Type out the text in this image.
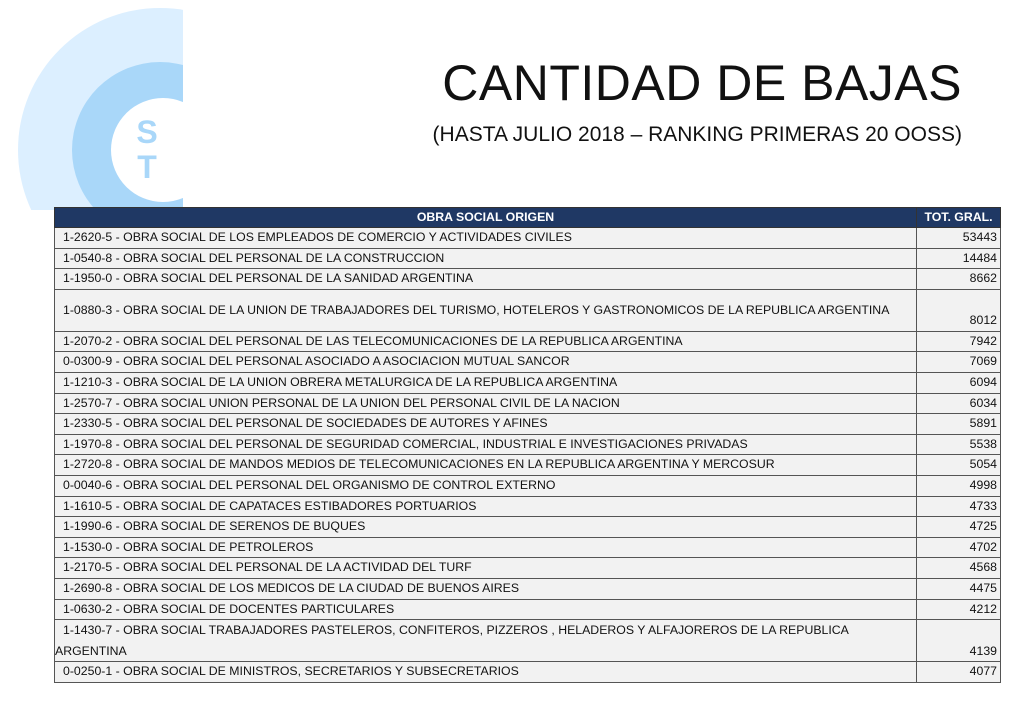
S
T
CANTIDAD DE BAJAS
(HASTA JULIO 2018 – RANKING PRIMERAS 20 OOSS)
OBRA SOCIAL ORIGEN	TOT. GRAL.
1-2620-5 - OBRA SOCIAL DE LOS EMPLEADOS DE COMERCIO Y ACTIVIDADES CIVILES	53443
1-0540-8 - OBRA SOCIAL DEL PERSONAL DE LA CONSTRUCCION	14484
1-1950-0 - OBRA SOCIAL DEL PERSONAL DE LA SANIDAD ARGENTINA	8662
1-0880-3 - OBRA SOCIAL DE LA UNION DE TRABAJADORES DEL TURISMO, HOTELEROS Y GASTRONOMICOS DE LA REPUBLICA ARGENTINA	8012
1-2070-2 - OBRA SOCIAL DEL PERSONAL DE LAS TELECOMUNICACIONES DE LA REPUBLICA ARGENTINA	7942
0-0300-9 - OBRA SOCIAL DEL PERSONAL ASOCIADO A ASOCIACION MUTUAL SANCOR	7069
1-1210-3 - OBRA SOCIAL DE LA UNION OBRERA METALURGICA DE LA REPUBLICA ARGENTINA	6094
1-2570-7 - OBRA SOCIAL UNION PERSONAL DE LA UNION DEL PERSONAL CIVIL DE LA NACION	6034
1-2330-5 - OBRA SOCIAL DEL PERSONAL DE SOCIEDADES DE AUTORES Y AFINES	5891
1-1970-8 - OBRA SOCIAL DEL PERSONAL DE SEGURIDAD COMERCIAL, INDUSTRIAL E INVESTIGACIONES PRIVADAS	5538
1-2720-8 - OBRA SOCIAL DE MANDOS MEDIOS DE TELECOMUNICACIONES EN LA REPUBLICA ARGENTINA Y MERCOSUR	5054
0-0040-6 - OBRA SOCIAL DEL PERSONAL DEL ORGANISMO DE CONTROL EXTERNO	4998
1-1610-5 - OBRA SOCIAL DE CAPATACES ESTIBADORES PORTUARIOS	4733
1-1990-6 - OBRA SOCIAL DE SERENOS DE BUQUES	4725
1-1530-0 - OBRA SOCIAL DE PETROLEROS	4702
1-2170-5 - OBRA SOCIAL DEL PERSONAL DE LA ACTIVIDAD DEL TURF	4568
1-2690-8 - OBRA SOCIAL DE LOS MEDICOS DE LA CIUDAD DE BUENOS AIRES	4475
1-0630-2 - OBRA SOCIAL DE DOCENTES PARTICULARES	4212
1-1430-7 - OBRA SOCIAL TRABAJADORES PASTELEROS, CONFITEROS, PIZZEROS , HELADEROS Y ALFAJOREROS DE LA REPUBLICA ARGENTINA	4139
0-0250-1 - OBRA SOCIAL DE MINISTROS, SECRETARIOS Y SUBSECRETARIOS	4077
